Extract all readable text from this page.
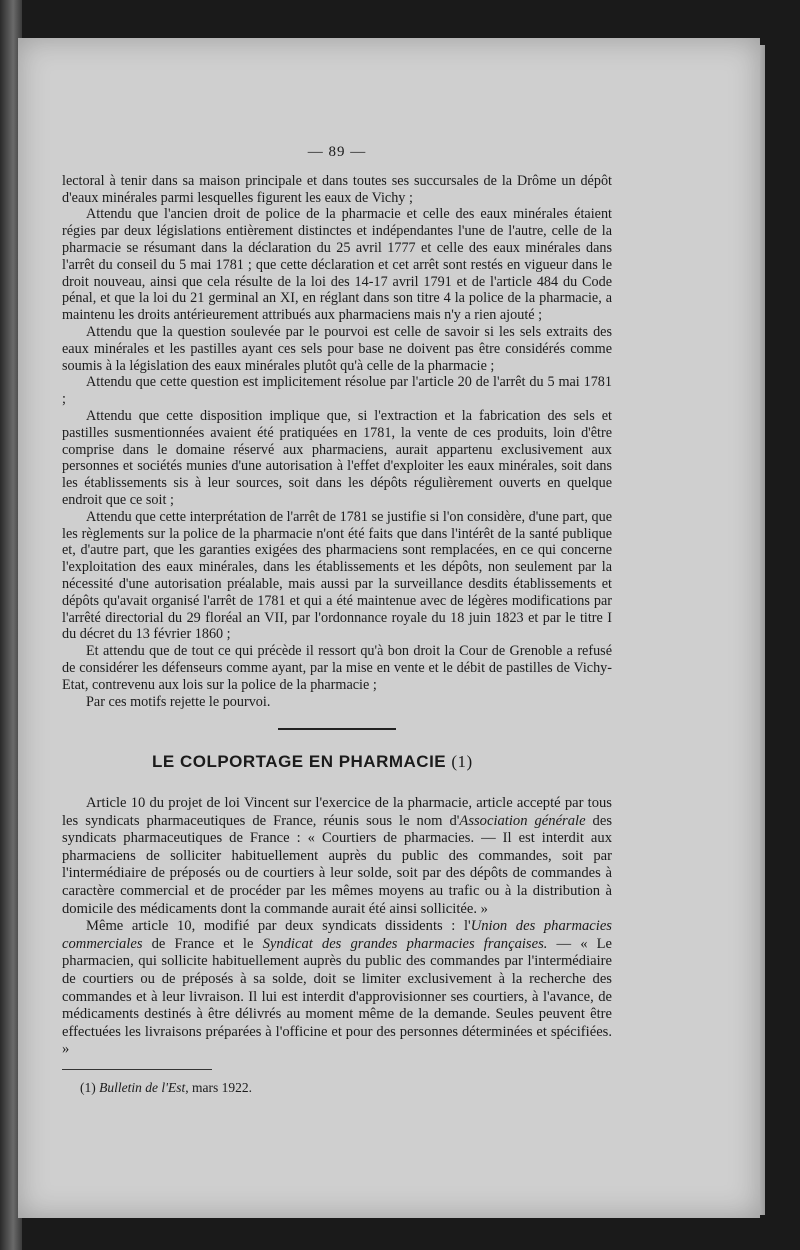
— 89 —

lectoral à tenir dans sa maison principale et dans toutes ses succursales de la Drôme un dépôt d'eaux minérales parmi lesquelles figurent les eaux de Vichy ;

Attendu que l'ancien droit de police de la pharmacie et celle des eaux minérales étaient régies par deux législations entièrement distinctes et indépendantes l'une de l'autre, celle de la pharmacie se résumant dans la déclaration du 25 avril 1777 et celle des eaux minérales dans l'arrêt du conseil du 5 mai 1781 ; que cette déclaration et cet arrêt sont restés en vigueur dans le droit nouveau, ainsi que cela résulte de la loi des 14-17 avril 1791 et de l'article 484 du Code pénal, et que la loi du 21 germinal an XI, en réglant dans son titre 4 la police de la pharmacie, a maintenu les droits antérieurement attribués aux pharmaciens mais n'y a rien ajouté ;

Attendu que la question soulevée par le pourvoi est celle de savoir si les sels extraits des eaux minérales et les pastilles ayant ces sels pour base ne doivent pas être considérés comme soumis à la législation des eaux minérales plutôt qu'à celle de la pharmacie ;

Attendu que cette question est implicitement résolue par l'article 20 de l'arrêt du 5 mai 1781 ;

Attendu que cette disposition implique que, si l'extraction et la fabrication des sels et pastilles susmentionnées avaient été pratiquées en 1781, la vente de ces produits, loin d'être comprise dans le domaine réservé aux pharmaciens, aurait appartenu exclusivement aux personnes et sociétés munies d'une autorisation à l'effet d'exploiter les eaux minérales, soit dans les établissements sis à leur sources, soit dans les dépôts régulièrement ouverts en quelque endroit que ce soit ;

Attendu que cette interprétation de l'arrêt de 1781 se justifie si l'on considère, d'une part, que les règlements sur la police de la pharmacie n'ont été faits que dans l'intérêt de la santé publique et, d'autre part, que les garanties exigées des pharmaciens sont remplacées, en ce qui concerne l'exploitation des eaux minérales, dans les établissements et les dépôts, non seulement par la nécessité d'une autorisation préalable, mais aussi par la surveillance desdits établissements et dépôts qu'avait organisé l'arrêt de 1781 et qui a été maintenue avec de légères modifications par l'arrêté directorial du 29 floréal an VII, par l'ordonnance royale du 18 juin 1823 et par le titre I du décret du 13 février 1860 ;

Et attendu que de tout ce qui précède il ressort qu'à bon droit la Cour de Grenoble a refusé de considérer les défenseurs comme ayant, par la mise en vente et le débit de pastilles de Vichy-Etat, contrevenu aux lois sur la police de la pharmacie ;

Par ces motifs rejette le pourvoi.

LE COLPORTAGE EN PHARMACIE (1)

Article 10 du projet de loi Vincent sur l'exercice de la pharmacie, article accepté par tous les syndicats pharmaceutiques de France, réunis sous le nom d'Association générale des syndicats pharmaceutiques de France : « Courtiers de pharmacies. — Il est interdit aux pharmaciens de solliciter habituellement auprès du public des commandes, soit par l'intermédiaire de préposés ou de courtiers à leur solde, soit par des dépôts de commandes à caractère commercial et de procéder par les mêmes moyens au trafic ou à la distribution à domicile des médicaments dont la commande aurait été ainsi sollicitée. »

Même article 10, modifié par deux syndicats dissidents : l'Union des pharmacies commerciales de France et le Syndicat des grandes pharmacies françaises. — « Le pharmacien, qui sollicite habituellement auprès du public des commandes par l'intermédiaire de courtiers ou de préposés à sa solde, doit se limiter exclusivement à la recherche des commandes et à leur livraison. Il lui est interdit d'approvisionner ses courtiers, à l'avance, de médicaments destinés à être délivrés au moment même de la demande. Seules peuvent être effectuées les livraisons préparées à l'officine et pour des personnes déterminées et spécifiées. »

(1) Bulletin de l'Est, mars 1922.
